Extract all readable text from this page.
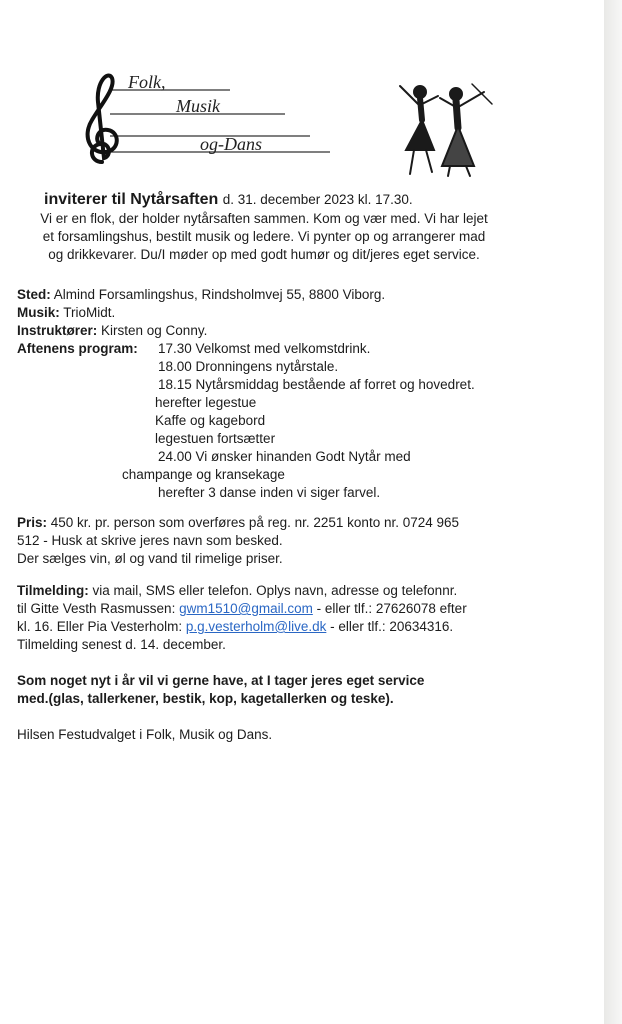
Folk,
Musik
og-Dans
inviterer til Nytårsaften d. 31. december 2023 kl. 17.30.

Vi er en flok, der holder nytårsaften sammen. Kom og vær med. Vi har lejet
et forsamlingshus, bestilt musik og ledere. Vi pynter op og arrangerer mad
og drikkevarer. Du/I møder op med godt humør og dit/jeres eget service.

Sted: Almind Forsamlingshus, Rindsholmvej 55, 8800 Viborg.
Musik: TrioMidt.
Instruktører: Kirsten og Conny.
Aftenens program: 17.30 Velkomst med velkomstdrink.
18.00 Dronningens nytårstale.
18.15 Nytårsmiddag bestående af forret og hovedret.
herefter legestue
Kaffe og kagebord
legestuen fortsætter
24.00 Vi ønsker hinanden Godt Nytår med
champange og kransekage
herefter 3 danse inden vi siger farvel.
Pris: 450 kr. pr. person som overføres på reg. nr. 2251 konto nr. 0724 965
512 - Husk at skrive jeres navn som besked.
Der sælges vin, øl og vand til rimelige priser.
Tilmelding: via mail, SMS eller telefon. Oplys navn, adresse og telefonnr.
til Gitte Vesth Rasmussen: gwm1510@gmail.com - eller tlf.: 27626078 efter
kl. 16. Eller Pia Vesterholm: p.g.vesterholm@live.dk - eller tlf.: 20634316.
Tilmelding senest d. 14. december.
Som noget nyt i år vil vi gerne have, at I tager jeres eget service
med.(glas, tallerkener, bestik, kop, kagetallerken og teske).
Hilsen Festudvalget i Folk, Musik og Dans.
